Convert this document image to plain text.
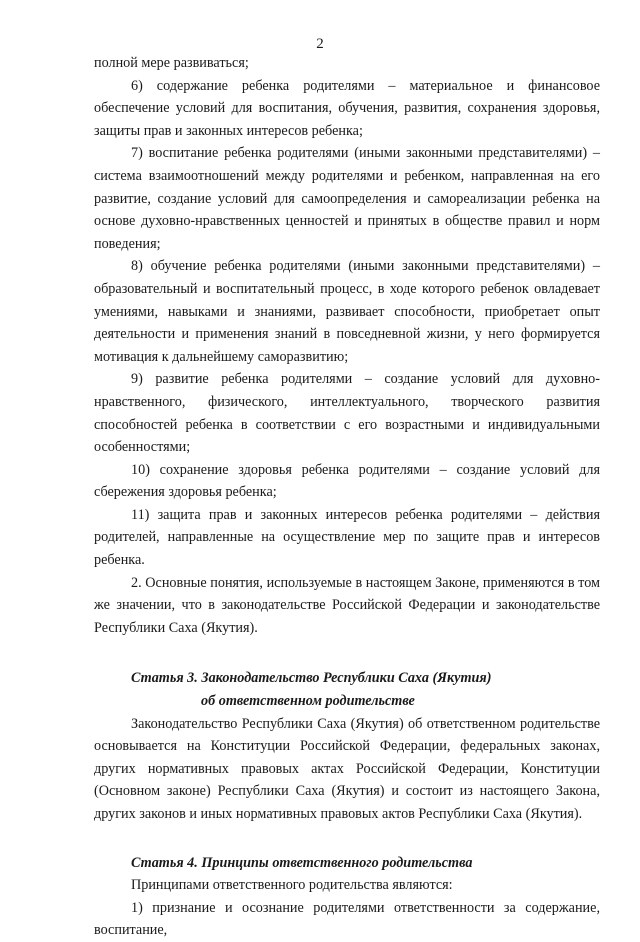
2

полной мере развиваться;

6) содержание ребенка родителями – материальное и финансовое обеспечение условий для воспитания, обучения, развития, сохранения здоровья, защиты прав и законных интересов ребенка;

7) воспитание ребенка родителями (иными законными представителями) – система взаимоотношений между родителями и ребенком, направленная на его развитие, создание условий для самоопределения и самореализации ребенка на основе духовно-нравственных ценностей и принятых в обществе правил и норм поведения;

8) обучение ребенка родителями (иными законными представителями) – образовательный и воспитательный процесс, в ходе которого ребенок овладевает умениями, навыками и знаниями, развивает способности, приобретает опыт деятельности и применения знаний в повседневной жизни, у него формируется мотивация к дальнейшему саморазвитию;

9) развитие ребенка родителями – создание условий для духовно-нравственного, физического, интеллектуального, творческого развития способностей ребенка в соответствии с его возрастными и индивидуальными особенностями;

10) сохранение здоровья ребенка родителями – создание условий для сбережения здоровья ребенка;

11) защита прав и законных интересов ребенка родителями – действия родителей, направленные на осуществление мер по защите прав и интересов ребенка.

2. Основные понятия, используемые в настоящем Законе, применяются в том же значении, что в законодательстве Российской Федерации и законодательстве Республики Саха (Якутия).

Статья 3. Законодательство Республики Саха (Якутия)

об ответственном родительстве

Законодательство Республики Саха (Якутия) об ответственном родительстве основывается на Конституции Российской Федерации, федеральных законах, других нормативных правовых актах Российской Федерации, Конституции (Основном законе) Республики Саха (Якутия) и состоит из настоящего Закона, других законов и иных нормативных правовых актов Республики Саха (Якутия).

Статья 4. Принципы ответственного родительства

Принципами ответственного родительства являются:

1) признание и осознание родителями ответственности за содержание, воспитание,
